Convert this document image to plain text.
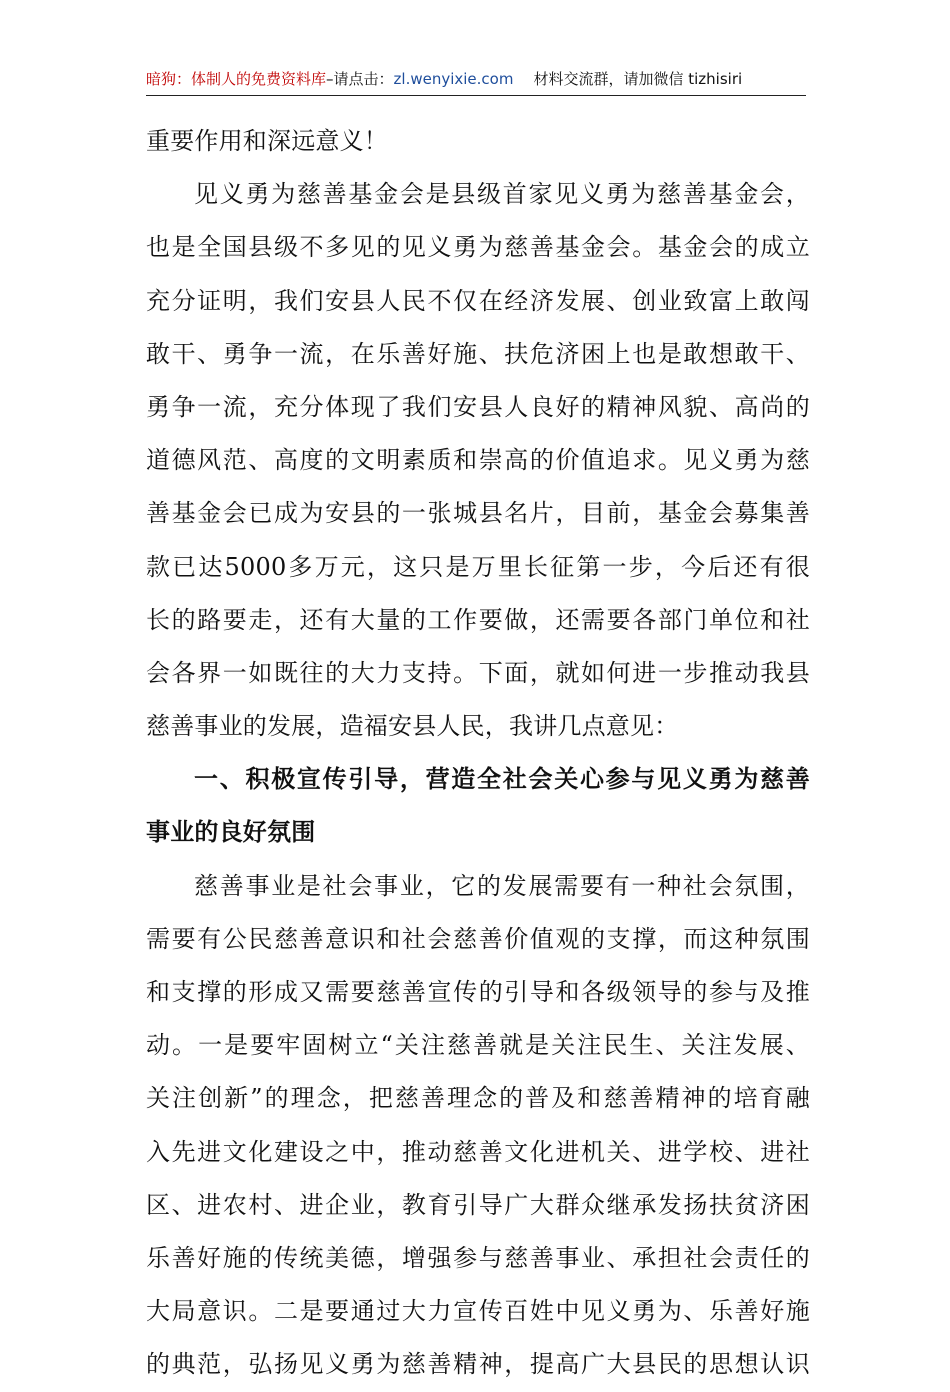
暗狗：体制人的免费资料库–请点击：zl.wenyixie.com 材料交流群，请加微信 tizhisiri
重要作用和深远意义！
见义勇为慈善基金会是县级首家见义勇为慈善基金会，
也是全国县级不多见的见义勇为慈善基金会。基金会的成立
充分证明，我们安县人民不仅在经济发展、创业致富上敢闯
敢干、勇争一流，在乐善好施、扶危济困上也是敢想敢干、
勇争一流，充分体现了我们安县人良好的精神风貌、高尚的
道德风范、高度的文明素质和崇高的价值追求。见义勇为慈
善基金会已成为安县的一张城县名片，目前，基金会募集善
款已达5000多万元，这只是万里长征第一步，今后还有很
长的路要走，还有大量的工作要做，还需要各部门单位和社
会各界一如既往的大力支持。下面，就如何进一步推动我县
慈善事业的发展，造福安县人民，我讲几点意见：
一、积极宣传引导，营造全社会关心参与见义勇为慈善
事业的良好氛围
慈善事业是社会事业，它的发展需要有一种社会氛围，
需要有公民慈善意识和社会慈善价值观的支撑，而这种氛围
和支撑的形成又需要慈善宣传的引导和各级领导的参与及推
动。一是要牢固树立“关注慈善就是关注民生、关注发展、
关注创新”的理念，把慈善理念的普及和慈善精神的培育融
入先进文化建设之中，推动慈善文化进机关、进学校、进社
区、进农村、进企业，教育引导广大群众继承发扬扶贫济困
乐善好施的传统美德，增强参与慈善事业、承担社会责任的
大局意识。二是要通过大力宣传百姓中见义勇为、乐善好施
的典范，弘扬见义勇为慈善精神，提高广大县民的思想认识
